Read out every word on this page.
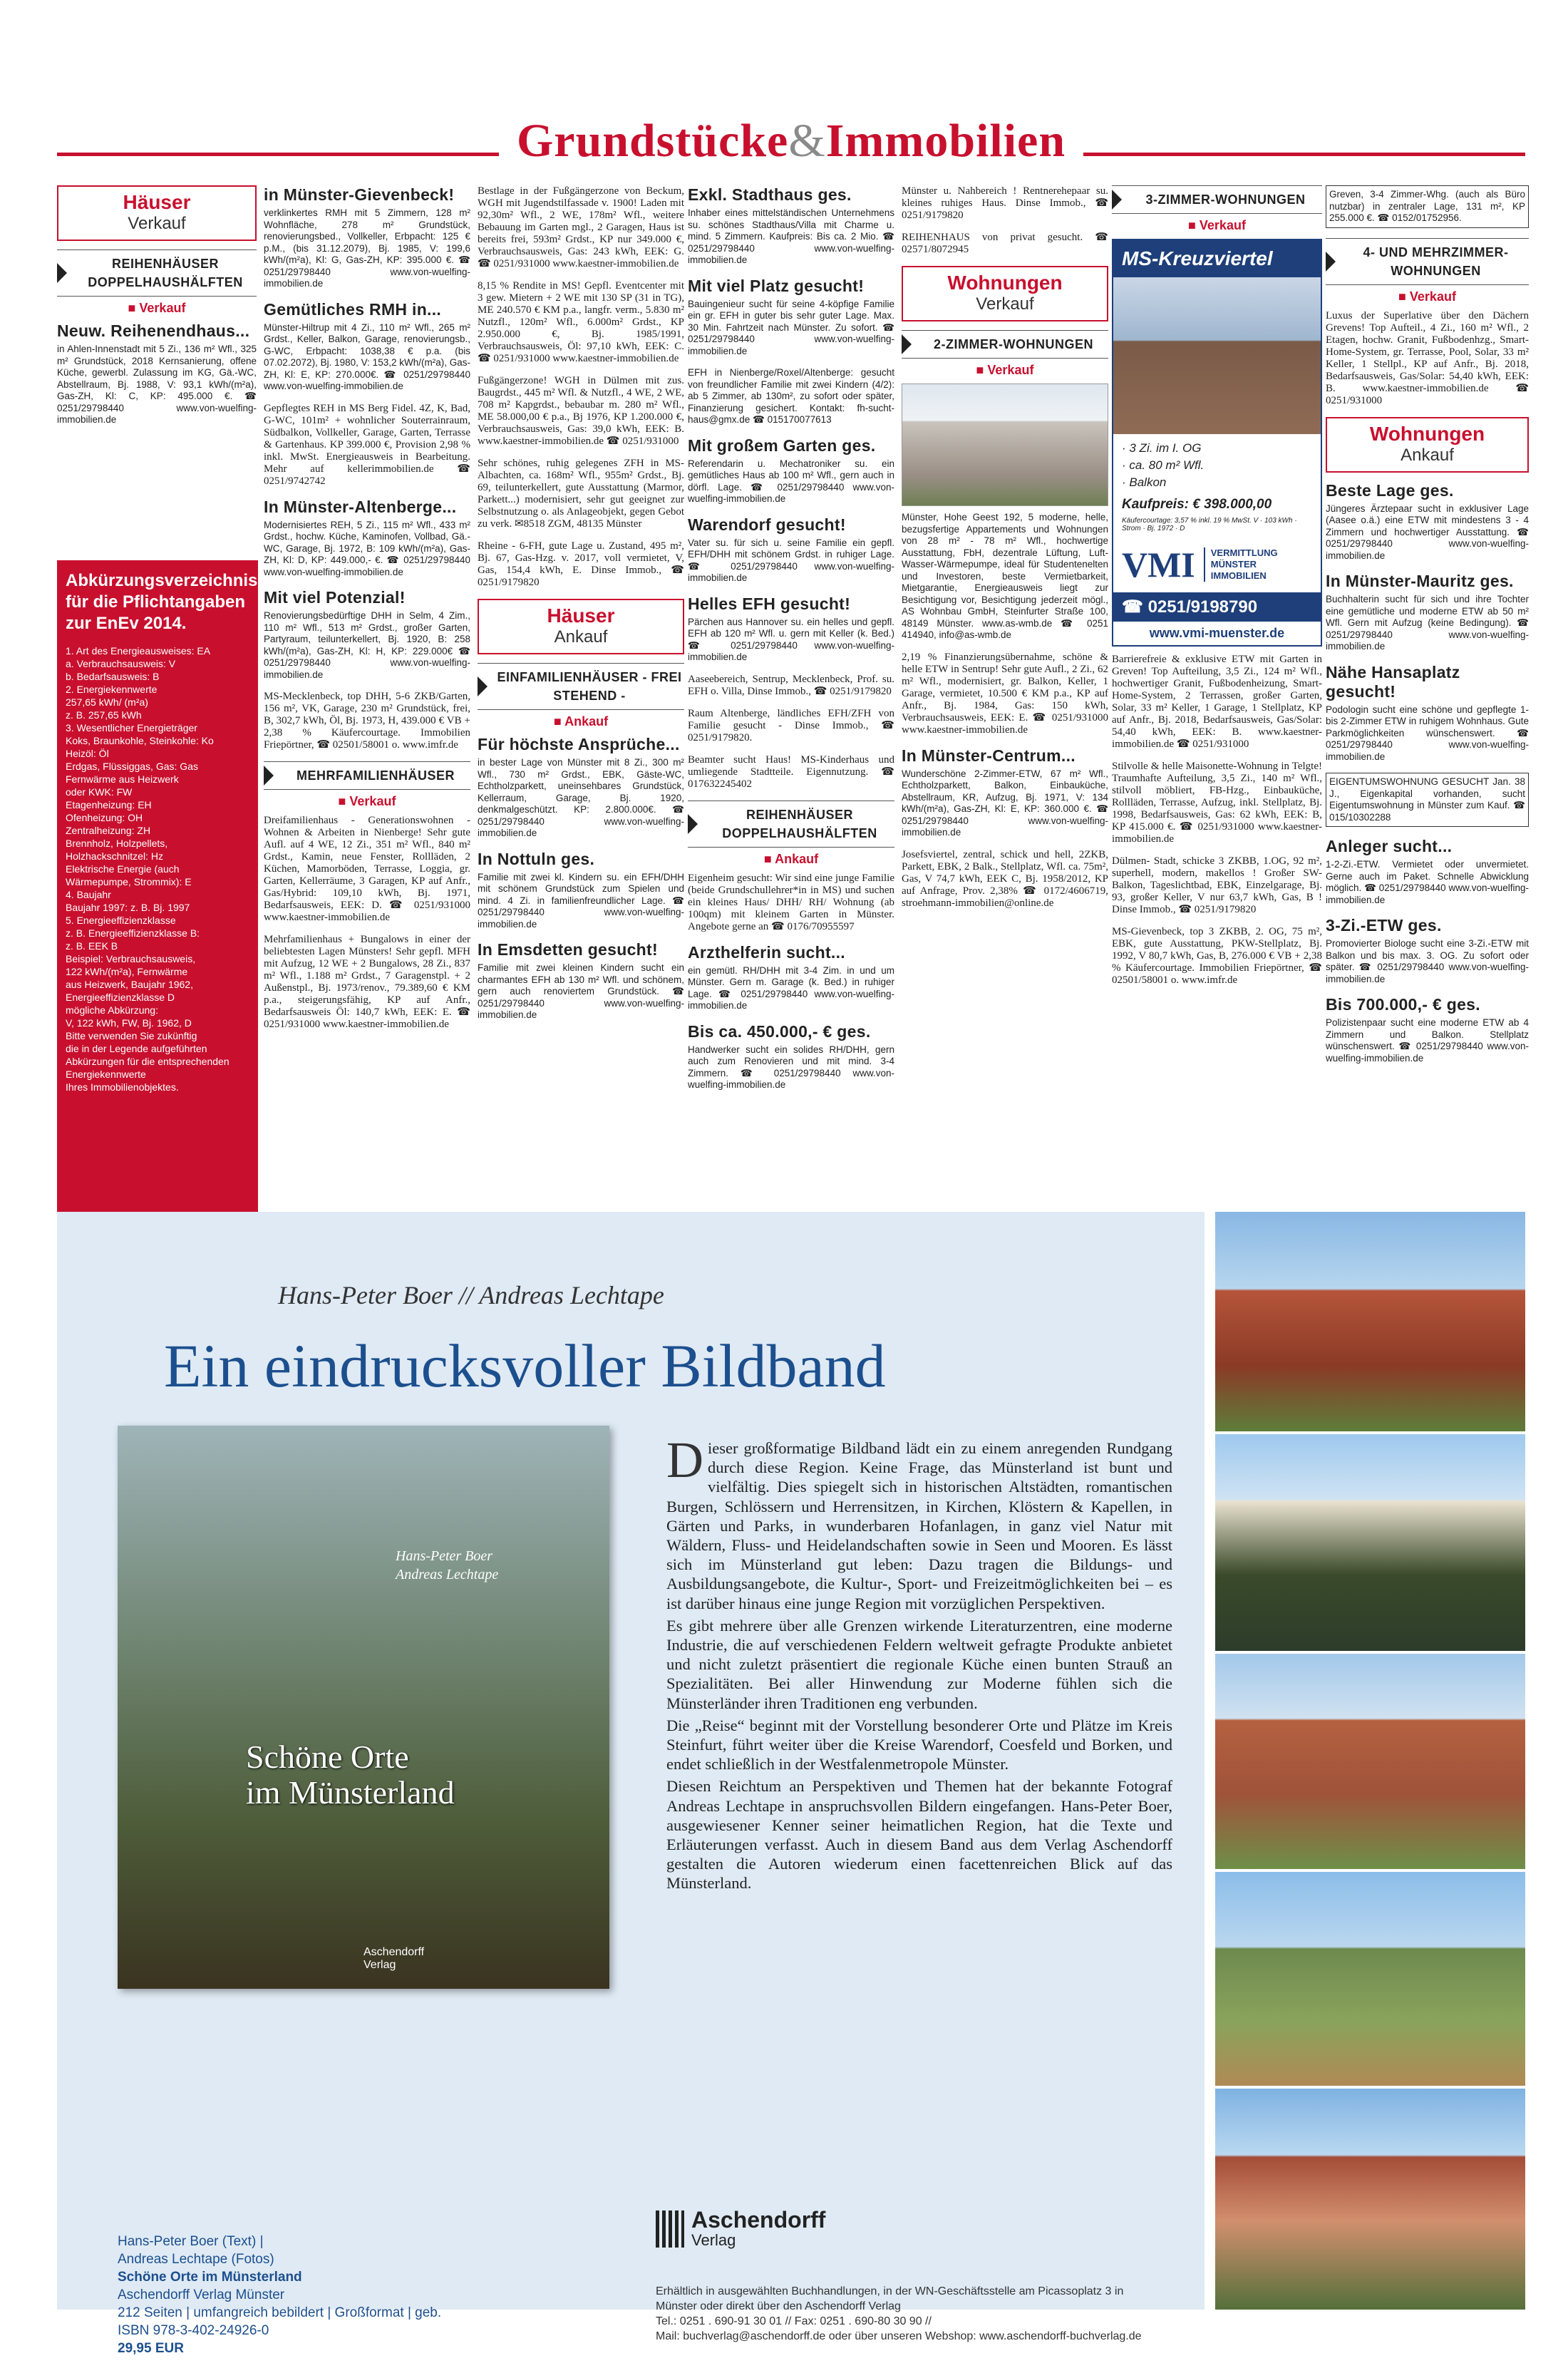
Grundstücke&Immobilien
Häuser
Verkauf
REIHENHÄUSER DOPPELHAUSHÄLFTEN
■ Verkauf
Neuw. Reihenendhaus...
in Ahlen-Innenstadt mit 5 Zi., 136 m² Wfl., 325 m² Grundstück, 2018 Kernsanierung, offene Küche, gewerbl. Zulassung im KG, Gä.-WC, Abstellraum, Bj. 1988, V: 93,1 kWh/(m²a), Gas-ZH, Kl: C, KP: 495.000 €. ☎ 0251/29798440 www.von-wuelfing-immobilien.de
Abkürzungsverzeichnis für die Pflichtangaben zur EnEv 2014.
1. Art des Energieausweises: EA
a. Verbrauchsausweis: V
b. Bedarfsausweis: B
2. Energiekennwerte
257,65 kWh/ (m²a)
z. B. 257,65 kWh
3. Wesentlicher Energieträger
Koks, Braunkohle, Steinkohle: Ko
Heizöl: Öl
Erdgas, Flüssiggas, Gas: Gas
Fernwärme aus Heizwerk
oder KWK: FW
Etagenheizung: EH
Ofenheizung: OH
Zentralheizung: ZH
Brennholz, Holzpellets,
Holzhackschnitzel: Hz
Elektrische Energie (auch
Wärmepumpe, Strommix): E
4. Baujahr
Baujahr 1997: z. B. Bj. 1997
5. Energieeffizienzklasse
z. B. Energieeffizienzklasse B:
z. B. EEK B
Beispiel: Verbrauchsausweis,
122 kWh/(m²a), Fernwärme
aus Heizwerk, Baujahr 1962,
Energieeffizienzklasse D
mögliche Abkürzung:
V, 122 kWh, FW, Bj. 1962, D
Bitte verwenden Sie zukünftig
die in der Legende aufgeführten
Abkürzungen für die entsprechenden Energiekennwerte
Ihres Immobilienobjektes.
in Münster-Gievenbeck!
verklinkertes RMH mit 5 Zimmern, 128 m² Wohnfläche, 278 m² Grundstück, renovierungsbed., Vollkeller, Erbpacht: 125 € p.M., (bis 31.12.2079), Bj. 1985, V: 199,6 kWh/(m²a), Kl: G, Gas-ZH, KP: 395.000 €. ☎ 0251/29798440 www.von-wuelfing-immobilien.de
Gemütliches RMH in...
Münster-Hiltrup mit 4 Zi., 110 m² Wfl., 265 m² Grdst., Keller, Balkon, Garage, renovierungsb., G-WC, Erbpacht: 1038,38 € p.a. (bis 07.02.2072), Bj. 1980, V: 153,2 kWh/(m²a), Gas-ZH, Kl: E, KP: 270.000€. ☎ 0251/29798440 www.von-wuelfing-immobilien.de
Gepflegtes REH in MS Berg Fidel. 4Z, K, Bad, G-WC, 101m² + wohnlicher Souterrainraum, Südbalkon, Vollkeller, Garage, Garten, Terrasse & Gartenhaus. KP 399.000 €, Provision 2,98 % inkl. MwSt. Energieausweis in Bearbeitung. Mehr auf kellerimmobilien.de ☎ 0251/9742742
In Münster-Altenberge...
Modernisiertes REH, 5 Zi., 115 m² Wfl., 433 m² Grdst., hochw. Küche, Kaminofen, Vollbad, Gä.-WC, Garage, Bj. 1972, B: 109 kWh/(m²a), Gas-ZH, Kl: D, KP: 449.000,- €. ☎ 0251/29798440 www.von-wuelfing-immobilien.de
Mit viel Potenzial!
Renovierungsbedürftige DHH in Selm, 4 Zim., 110 m² Wfl., 513 m² Grdst., großer Garten, Partyraum, teilunterkellert, Bj. 1920, B: 258 kWh/(m²a), Gas-ZH, Kl: H, KP: 229.000€ ☎ 0251/29798440 www.von-wuelfing-immobilien.de
MS-Mecklenbeck, top DHH, 5-6 ZKB/Garten, 156 m², VK, Garage, 230 m² Grundstück, frei, B, 302,7 kWh, Öl, Bj. 1973, H, 439.000 € VB + 2,38 % Käufercourtage. Immobilien Friepörtner, ☎ 02501/58001 o. www.imfr.de
MEHRFAMILIENHÄUSER
■ Verkauf
Dreifamilienhaus - Generationswohnen - Wohnen & Arbeiten in Nienberge! Sehr gute Aufl. auf 4 WE, 12 Zi., 351 m² Wfl., 840 m² Grdst., Kamin, neue Fenster, Rollläden, 2 Küchen, Mamorböden, Terrasse, Loggia, gr. Garten, Kellerräume, 3 Garagen, KP auf Anfr., Gas/Hybrid: 109,10 kWh, Bj. 1971, Bedarfsausweis, EEK: D. ☎ 0251/931000 www.kaestner-immobilien.de
Mehrfamilienhaus + Bungalows in einer der beliebtesten Lagen Münsters! Sehr gepfl. MFH mit Aufzug, 12 WE + 2 Bungalows, 28 Zi., 837 m² Wfl., 1.188 m² Grdst., 7 Garagenstpl. + 2 Außenstpl., Bj. 1973/renov., 79.389,60 € KM p.a., steigerungsfähig, KP auf Anfr., Bedarfsausweis Öl: 140,7 kWh, EEK: E. ☎ 0251/931000 www.kaestner-immobilien.de
Bestlage in der Fußgängerzone von Beckum, WGH mit Jugendstilfassade v. 1900! Laden mit 92,30m² Wfl., 2 WE, 178m² Wfl., weitere Bebauung im Garten mgl., 2 Garagen, Haus ist bereits frei, 593m² Grdst., KP nur 349.000 €, Verbrauchsausweis, Gas: 243 kWh, EEK: G. ☎ 0251/931000 www.kaestner-immobilien.de
8,15 % Rendite in MS! Gepfl. Eventcenter mit 3 gew. Mietern + 2 WE mit 130 SP (31 in TG), ME 240.570 € KM p.a., langfr. verm., 5.830 m² Nutzfl., 120m² Wfl., 6.000m² Grdst., KP 2.950.000 €, Bj. 1985/1991, Verbrauchsausweis, Öl: 97,10 kWh, EEK: C. ☎ 0251/931000 www.kaestner-immobilien.de
Fußgängerzone! WGH in Dülmen mit zus. Baugrdst., 445 m² Wfl. & Nutzfl., 4 WE, 2 WE, 708 m² Kapgrdst., bebaubar m. 280 m² Wfl., ME 58.000,00 € p.a., Bj 1976, KP 1.200.000 €, Verbrauchsausweis, Gas: 39,0 kWh, EEK: B. www.kaestner-immobilien.de ☎ 0251/931000
Sehr schönes, ruhig gelegenes ZFH in MS-Albachten, ca. 168m² Wfl., 955m² Grdst., Bj. 69, teilunterkellert, gute Ausstattung (Marmor, Parkett...) modernisiert, sehr gut geeignet zur Selbstnutzung o. als Anlageobjekt, gegen Gebot zu verk. ✉8518 ZGM, 48135 Münster
Rheine - 6-FH, gute Lage u. Zustand, 495 m², Bj. 67, Gas-Hzg. v. 2017, voll vermietet, V, Gas, 154,4 kWh, E. Dinse Immob., ☎ 0251/9179820
Häuser
Ankauf
EINFAMILIENHÄUSER - FREI STEHEND -
■ Ankauf
Für höchste Ansprüche...
in bester Lage von Münster mit 8 Zi., 300 m² Wfl., 730 m² Grdst., EBK, Gäste-WC, Echtholzparkett, uneinsehbares Grundstück, Kellerraum, Garage, Bj. 1920, denkmalgeschützt. KP: 2.800.000€. ☎ 0251/29798440 www.von-wuelfing-immobilien.de
In Nottuln ges.
Familie mit zwei kl. Kindern su. ein EFH/DHH mit schönem Grundstück zum Spielen und mind. 4 Zi. in familienfreundlicher Lage. ☎ 0251/29798440 www.von-wuelfing-immobilien.de
In Emsdetten gesucht!
Familie mit zwei kleinen Kindern sucht ein charmantes EFH ab 130 m² Wfl. und schönem, gern auch renoviertem Grundstück. ☎ 0251/29798440 www.von-wuelfing-immobilien.de
Exkl. Stadthaus ges.
Inhaber eines mittelständischen Unternehmens su. schönes Stadthaus/Villa mit Charme u. mind. 5 Zimmern. Kaufpreis: Bis ca. 2 Mio. ☎ 0251/29798440 www.von-wuelfing-immobilien.de
Mit viel Platz gesucht!
Bauingenieur sucht für seine 4-köpfige Familie ein gr. EFH in guter bis sehr guter Lage. Max. 30 Min. Fahrtzeit nach Münster. Zu sofort. ☎ 0251/29798440 www.von-wuelfing-immobilien.de
EFH in Nienberge/Roxel/Altenberge: gesucht von freundlicher Familie mit zwei Kindern (4/2): ab 5 Zimmer, ab 130m², zu sofort oder später, Finanzierung gesichert. Kontakt: fh-sucht-haus@gmx.de ☎ 015170077613
Mit großem Garten ges.
Referendarin u. Mechatroniker su. ein gemütliches Haus ab 100 m² Wfl., gern auch in dörfl. Lage. ☎ 0251/29798440 www.von-wuelfing-immobilien.de
Warendorf gesucht!
Vater su. für sich u. seine Familie ein gepfl. EFH/DHH mit schönem Grdst. in ruhiger Lage. ☎ 0251/29798440 www.von-wuelfing-immobilien.de
Helles EFH gesucht!
Pärchen aus Hannover su. ein helles und gepfl. EFH ab 120 m² Wfl. u. gern mit Keller (k. Bed.) ☎ 0251/29798440 www.von-wuelfing-immobilien.de
Aaseebereich, Sentrup, Mecklenbeck, Prof. su. EFH o. Villa, Dinse Immob., ☎ 0251/9179820
Raum Altenberge, ländliches EFH/ZFH von Familie gesucht - Dinse Immob., ☎ 0251/9179820.
Beamter sucht Haus! MS-Kinderhaus und umliegende Stadtteile. Eigennutzung. ☎ 017632245402
REIHENHÄUSER DOPPELHAUSHÄLFTEN
■ Ankauf
Eigenheim gesucht: Wir sind eine junge Familie (beide Grundschullehrer*in in MS) und suchen ein kleines Haus/ DHH/ RH/ Wohnung (ab 100qm) mit kleinem Garten in Münster. Angebote gerne an ☎ 0176/70955597
Arzthelferin sucht...
ein gemütl. RH/DHH mit 3-4 Zim. in und um Münster. Gern m. Garage (k. Bed.) in ruhiger Lage. ☎ 0251/29798440 www.von-wuelfing-immobilien.de
Bis ca. 450.000,- € ges.
Handwerker sucht ein solides RH/DHH, gern auch zum Renovieren und mit mind. 3-4 Zimmern. ☎ 0251/29798440 www.von-wuelfing-immobilien.de
Münster u. Nahbereich ! Rentnerehepaar su. kleines ruhiges Haus. Dinse Immob., ☎ 0251/9179820
REIHENHAUS von privat gesucht. ☎ 02571/8072945
Wohnungen
Verkauf
2-ZIMMER-WOHNUNGEN
■ Verkauf
Münster, Hohe Geest 192, 5 moderne, helle, bezugsfertige Appartements und Wohnungen von 28 m² - 78 m² Wfl., hochwertige Ausstattung, FbH, dezentrale Lüftung, Luft-Wasser-Wärmepumpe, ideal für Studentenelten und Investoren, beste Vermietbarkeit, Mietgarantie, Energieausweis liegt zur Besichtigung vor, Besichtigung jederzeit mögl., AS Wohnbau GmbH, Steinfurter Straße 100, 48149 Münster. www.as-wmb.de ☎ 0251 414940, info@as-wmb.de
2,19 % Finanzierungsübernahme, schöne & helle ETW in Sentrup! Sehr gute Aufl., 2 Zi., 62 m² Wfl., modernisiert, gr. Balkon, Keller, 1 Garage, vermietet, 10.500 € KM p.a., KP auf Anfr., Bj. 1984, Gas: 150 kWh, Verbrauchsausweis, EEK: E. ☎ 0251/931000 www.kaestner-immobilien.de
In Münster-Centrum...
Wunderschöne 2-Zimmer-ETW, 67 m² Wfl., Echtholzparkett, Balkon, Einbauküche, Abstellraum, KR, Aufzug, Bj. 1971, V: 134 kWh/(m²a), Gas-ZH, Kl: E, KP: 360.000 €. ☎ 0251/29798440 www.von-wuelfing-immobilien.de
Josefsviertel, zentral, schick und hell, 2ZKB, Parkett, EBK, 2 Balk., Stellplatz, Wfl. ca. 75m², Gas, V 74,7 kWh, EEK C, Bj. 1958/2012, KP auf Anfrage, Prov. 2,38% ☎ 0172/4606719, stroehmann-immobilien@online.de
3-ZIMMER-WOHNUNGEN
■ Verkauf
MS-Kreuzviertel
· 3 Zi. im I. OG
· ca. 80 m² Wfl.
· Balkon
Kaufpreis: € 398.000,00
Käufercourtage: 3,57 % inkl. 19 % MwSt. V · 103 kWh · Strom · Bj. 1972 · D
VMI	VERMITTLUNG MÜNSTER IMMOBILIEN
☎ 0251/9198790
www.vmi-muenster.de
Barrierefreie & exklusive ETW mit Garten in Greven! Top Aufteilung, 3,5 Zi., 124 m² Wfl., hochwertiger Granit, Fußbodenheizung, Smart-Home-System, 2 Terrassen, großer Garten, Solar, 33 m² Keller, 1 Garage, 1 Stellplatz, KP auf Anfr., Bj. 2018, Bedarfsausweis, Gas/Solar: 54,40 kWh, EEK: B. www.kaestner-immobilien.de ☎ 0251/931000
Stilvolle & helle Maisonette-Wohnung in Telgte! Traumhafte Aufteilung, 3,5 Zi., 140 m² Wfl., stilvoll möbliert, FB-Hzg., Einbauküche, Rollläden, Terrasse, Aufzug, inkl. Stellplatz, Bj. 1998, Bedarfsausweis, Gas: 62 kWh, EEK: B, KP 415.000 €. ☎ 0251/931000 www.kaestner-immobilien.de
Dülmen- Stadt, schicke 3 ZKBB, 1.OG, 92 m², superhell, modern, makellos ! Großer SW-Balkon, Tageslichtbad, EBK, Einzelgarage, Bj. 93, großer Keller, V nur 63,7 kWh, Gas, B ! Dinse Immob., ☎ 0251/9179820
MS-Gievenbeck, top 3 ZKBB, 2. OG, 75 m², EBK, gute Ausstattung, PKW-Stellplatz, Bj. 1992, V 80,7 kWh, Gas, B, 276.000 € VB + 2,38 % Käufercourtage. Immobilien Friepörtner, ☎ 02501/58001 o. www.imfr.de
Greven, 3-4 Zimmer-Whg. (auch als Büro nutzbar) in zentraler Lage, 131 m², KP 255.000 €. ☎ 0152/01752956.
4- UND MEHRZIMMER-WOHNUNGEN
■ Verkauf
Luxus der Superlative über den Dächern Grevens! Top Aufteil., 4 Zi., 160 m² Wfl., 2 Etagen, hochw. Granit, Fußbodenhzg., Smart-Home-System, gr. Terrasse, Pool, Solar, 33 m² Keller, 1 Stellpl., KP auf Anfr., Bj. 2018, Bedarfsausweis, Gas/Solar: 54,40 kWh, EEK: B. www.kaestner-immobilien.de ☎ 0251/931000
Wohnungen
Ankauf
Beste Lage ges.
Jüngeres Ärztepaar sucht in exklusiver Lage (Aasee o.ä.) eine ETW mit mindestens 3 - 4 Zimmern und hochwertiger Ausstattung. ☎ 0251/29798440 www.von-wuelfing-immobilien.de
In Münster-Mauritz ges.
Buchhalterin sucht für sich und ihre Tochter eine gemütliche und moderne ETW ab 50 m² Wfl. Gern mit Aufzug (keine Bedingung). ☎ 0251/29798440 www.von-wuelfing-immobilien.de
Nähe Hansaplatz gesucht!
Podologin sucht eine schöne und gepflegte 1- bis 2-Zimmer ETW in ruhigem Wohnhaus. Gute Parkmöglichkeiten wünschenswert. ☎ 0251/29798440 www.von-wuelfing-immobilien.de
EIGENTUMSWOHNUNG GESUCHT Jan. 38 J., Eigenkapital vorhanden, sucht Eigentumswohnung in Münster zum Kauf. ☎ 015/10302288
Anleger sucht...
1-2-Zi.-ETW. Vermietet oder unvermietet. Gerne auch im Paket. Schnelle Abwicklung möglich. ☎ 0251/29798440 www.von-wuelfing-immobilien.de
3-Zi.-ETW ges.
Promovierter Biologe sucht eine 3-Zi.-ETW mit Balkon und bis max. 3. OG. Zu sofort oder später. ☎ 0251/29798440 www.von-wuelfing-immobilien.de
Bis 700.000,- € ges.
Polizistenpaar sucht eine moderne ETW ab 4 Zimmern und Balkon. Stellplatz wünschenswert. ☎ 0251/29798440 www.von-wuelfing-immobilien.de
Hans-Peter Boer // Andreas Lechtape
Ein eindrucksvoller Bildband
Hans-Peter Boer
Andreas Lechtape
Schöne Orte
im Münsterland
Aschendorff
Verlag

Dieser großformatige Bildband lädt ein zu einem anregenden Rundgang durch diese Region. Keine Frage, das Münsterland ist bunt und vielfältig. Dies spiegelt sich in historischen Altstädten, romantischen Burgen, Schlössern und Herrensitzen, in Kirchen, Klöstern & Kapellen, in Gärten und Parks, in wunderbaren Hofanlagen, in ganz viel Natur mit Wäldern, Fluss- und Heidelandschaften sowie in Seen und Mooren. Es lässt sich im Münsterland gut leben: Dazu tragen die Bildungs- und Ausbildungsangebote, die Kultur-, Sport- und Freizeitmöglichkeiten bei – es ist darüber hinaus eine junge Region mit vorzüglichen Perspektiven.

Es gibt mehrere über alle Grenzen wirkende Literaturzentren, eine moderne Industrie, die auf verschiedenen Feldern weltweit gefragte Produkte anbietet und nicht zuletzt präsentiert die regionale Küche einen bunten Strauß an Spezialitäten. Bei aller Hinwendung zur Moderne fühlen sich die Münsterländer ihren Traditionen eng verbunden.

Die „Reise“ beginnt mit der Vorstellung besonderer Orte und Plätze im Kreis Steinfurt, führt weiter über die Kreise Warendorf, Coesfeld und Borken, und endet schließlich in der Westfalenmetropole Münster.

Diesen Reichtum an Perspektiven und Themen hat der bekannte Fotograf Andreas Lechtape in anspruchsvollen Bildern eingefangen. Hans-Peter Boer, ausgewiesener Kenner seiner heimatlichen Region, hat die Texte und Erläuterungen verfasst. Auch in diesem Band aus dem Verlag Aschendorff gestalten die Autoren wiederum einen facettenreichen Blick auf das Münsterland.

Hans-Peter Boer (Text) |
Andreas Lechtape (Fotos)
Schöne Orte im Münsterland
Aschendorff Verlag Münster
212 Seiten | umfangreich bebildert | Großformat | geb.
ISBN 978-3-402-24926-0
29,95 EUR
Aschendorff
Verlag
Erhältlich in ausgewählten Buchhandlungen, in der WN-Geschäftsstelle am Picassoplatz 3 in
Münster oder direkt über den Aschendorff Verlag
Tel.: 0251 . 690-91 30 01 // Fax: 0251 . 690-80 30 90 //
Mail: buchverlag@aschendorff.de oder über unseren Webshop: www.aschendorff-buchverlag.de
